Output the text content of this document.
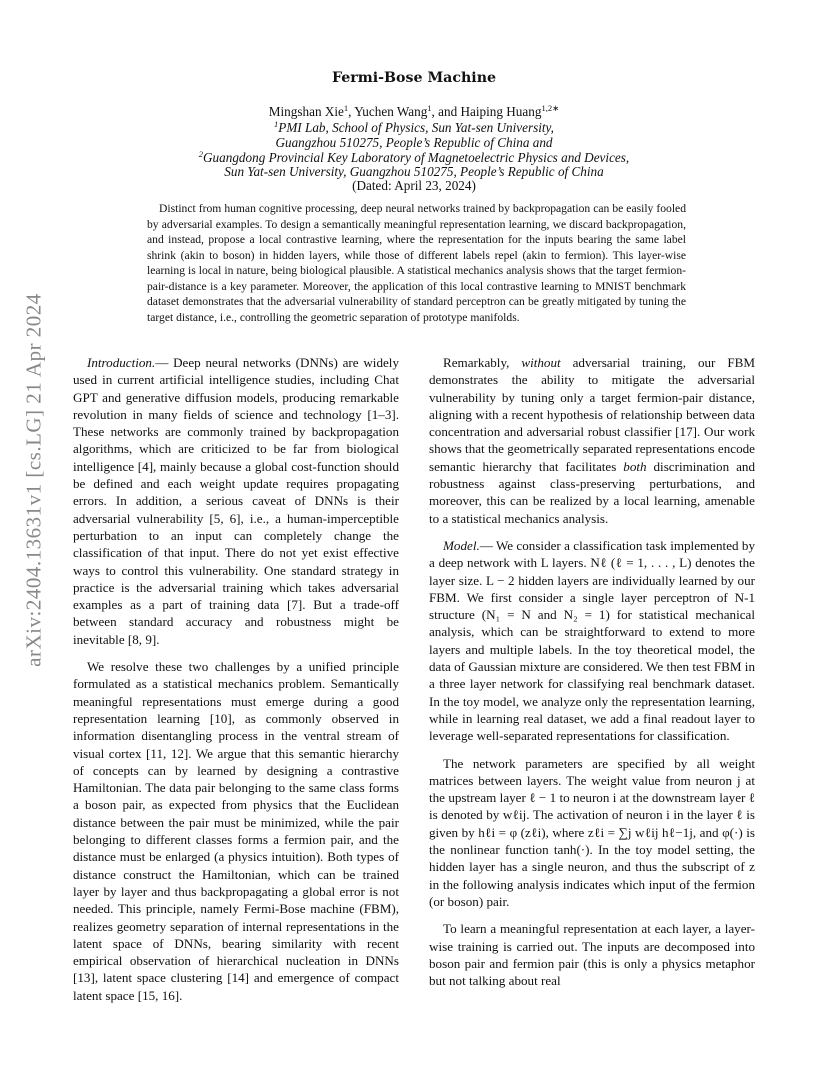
arXiv:2404.13631v1 [cs.LG] 21 Apr 2024
Fermi-Bose Machine
Mingshan Xie$^1$, Yuchen Wang$^1$, and Haiping Huang$^{1,2∗}$
$^1$PMI Lab, School of Physics, Sun Yat-sen University,
Guangzhou 510275, People’s Republic of China and
$^2$Guangdong Provincial Key Laboratory of Magnetoelectric Physics and Devices,
Sun Yat-sen University, Guangzhou 510275, People’s Republic of China
(Dated: April 23, 2024)
Distinct from human cognitive processing, deep neural networks trained by backpropagation can be easily fooled by adversarial examples. To design a semantically meaningful representation learning, we discard backpropagation, and instead, propose a local contrastive learning, where the representation for the inputs bearing the same label shrink (akin to boson) in hidden layers, while those of different labels repel (akin to fermion). This layer-wise learning is local in nature, being biological plausible. A statistical mechanics analysis shows that the target fermion-pair-distance is a key parameter. Moreover, the application of this local contrastive learning to MNIST benchmark dataset demonstrates that the adversarial vulnerability of standard perceptron can be greatly mitigated by tuning the target distance, i.e., controlling the geometric separation of prototype manifolds.

Introduction.— Deep neural networks (DNNs) are widely used in current artificial intelligence studies, including Chat GPT and generative diffusion models, producing remarkable revolution in many fields of science and technology [1–3]. These networks are commonly trained by backpropagation algorithms, which are criticized to be far from biological intelligence [4], mainly because a global cost-function should be defined and each weight update requires propagating errors. In addition, a serious caveat of DNNs is their adversarial vulnerability [5, 6], i.e., a human-imperceptible perturbation to an input can completely change the classification of that input. There do not yet exist effective ways to control this vulnerability. One standard strategy in practice is the adversarial training which takes adversarial examples as a part of training data [7]. But a trade-off between standard accuracy and robustness might be inevitable [8, 9].

We resolve these two challenges by a unified principle formulated as a statistical mechanics problem. Semantically meaningful representations must emerge during a good representation learning [10], as commonly observed in information disentangling process in the ventral stream of visual cortex [11, 12]. We argue that this semantic hierarchy of concepts can by learned by designing a contrastive Hamiltonian. The data pair belonging to the same class forms a boson pair, as expected from physics that the Euclidean distance between the pair must be minimized, while the pair belonging to different classes forms a fermion pair, and the distance must be enlarged (a physics intuition). Both types of distance construct the Hamiltonian, which can be trained layer by layer and thus backpropagating a global error is not needed. This principle, namely Fermi-Bose machine (FBM), realizes geometry separation of internal representations in the latent space of DNNs, bearing similarity with recent empirical observation of hierarchical nucleation in DNNs [13], latent space clustering [14] and emergence of compact latent space [15, 16].

Remarkably, without adversarial training, our FBM demonstrates the ability to mitigate the adversarial vulnerability by tuning only a target fermion-pair distance, aligning with a recent hypothesis of relationship between data concentration and adversarial robust classifier [17]. Our work shows that the geometrically separated representations encode semantic hierarchy that facilitates both discrimination and robustness against class-preserving perturbations, and moreover, this can be realized by a local learning, amenable to a statistical mechanics analysis.

Model.— We consider a classification task implemented by a deep network with L layers. Nℓ (ℓ = 1, . . . , L) denotes the layer size. L − 2 hidden layers are individually learned by our FBM. We first consider a single layer perceptron of N-1 structure (N₁ = N and N₂ = 1) for statistical mechanical analysis, which can be straightforward to extend to more layers and multiple labels. In the toy theoretical model, the data of Gaussian mixture are considered. We then test FBM in a three layer network for classifying real benchmark dataset. In the toy model, we analyze only the representation learning, while in learning real dataset, we add a final readout layer to leverage well-separated representations for classification.

The network parameters are specified by all weight matrices between layers. The weight value from neuron j at the upstream layer ℓ − 1 to neuron i at the downstream layer ℓ is denoted by wℓij. The activation of neuron i in the layer ℓ is given by hℓi = φ (zℓi), where zℓi = ∑j wℓij hℓ−1j, and φ(·) is the nonlinear function tanh(·). In the toy model setting, the hidden layer has a single neuron, and thus the subscript of z in the following analysis indicates which input of the fermion (or boson) pair.

To learn a meaningful representation at each layer, a layer-wise training is carried out. The inputs are decomposed into boson pair and fermion pair (this is only a physics metaphor but not talking about real
